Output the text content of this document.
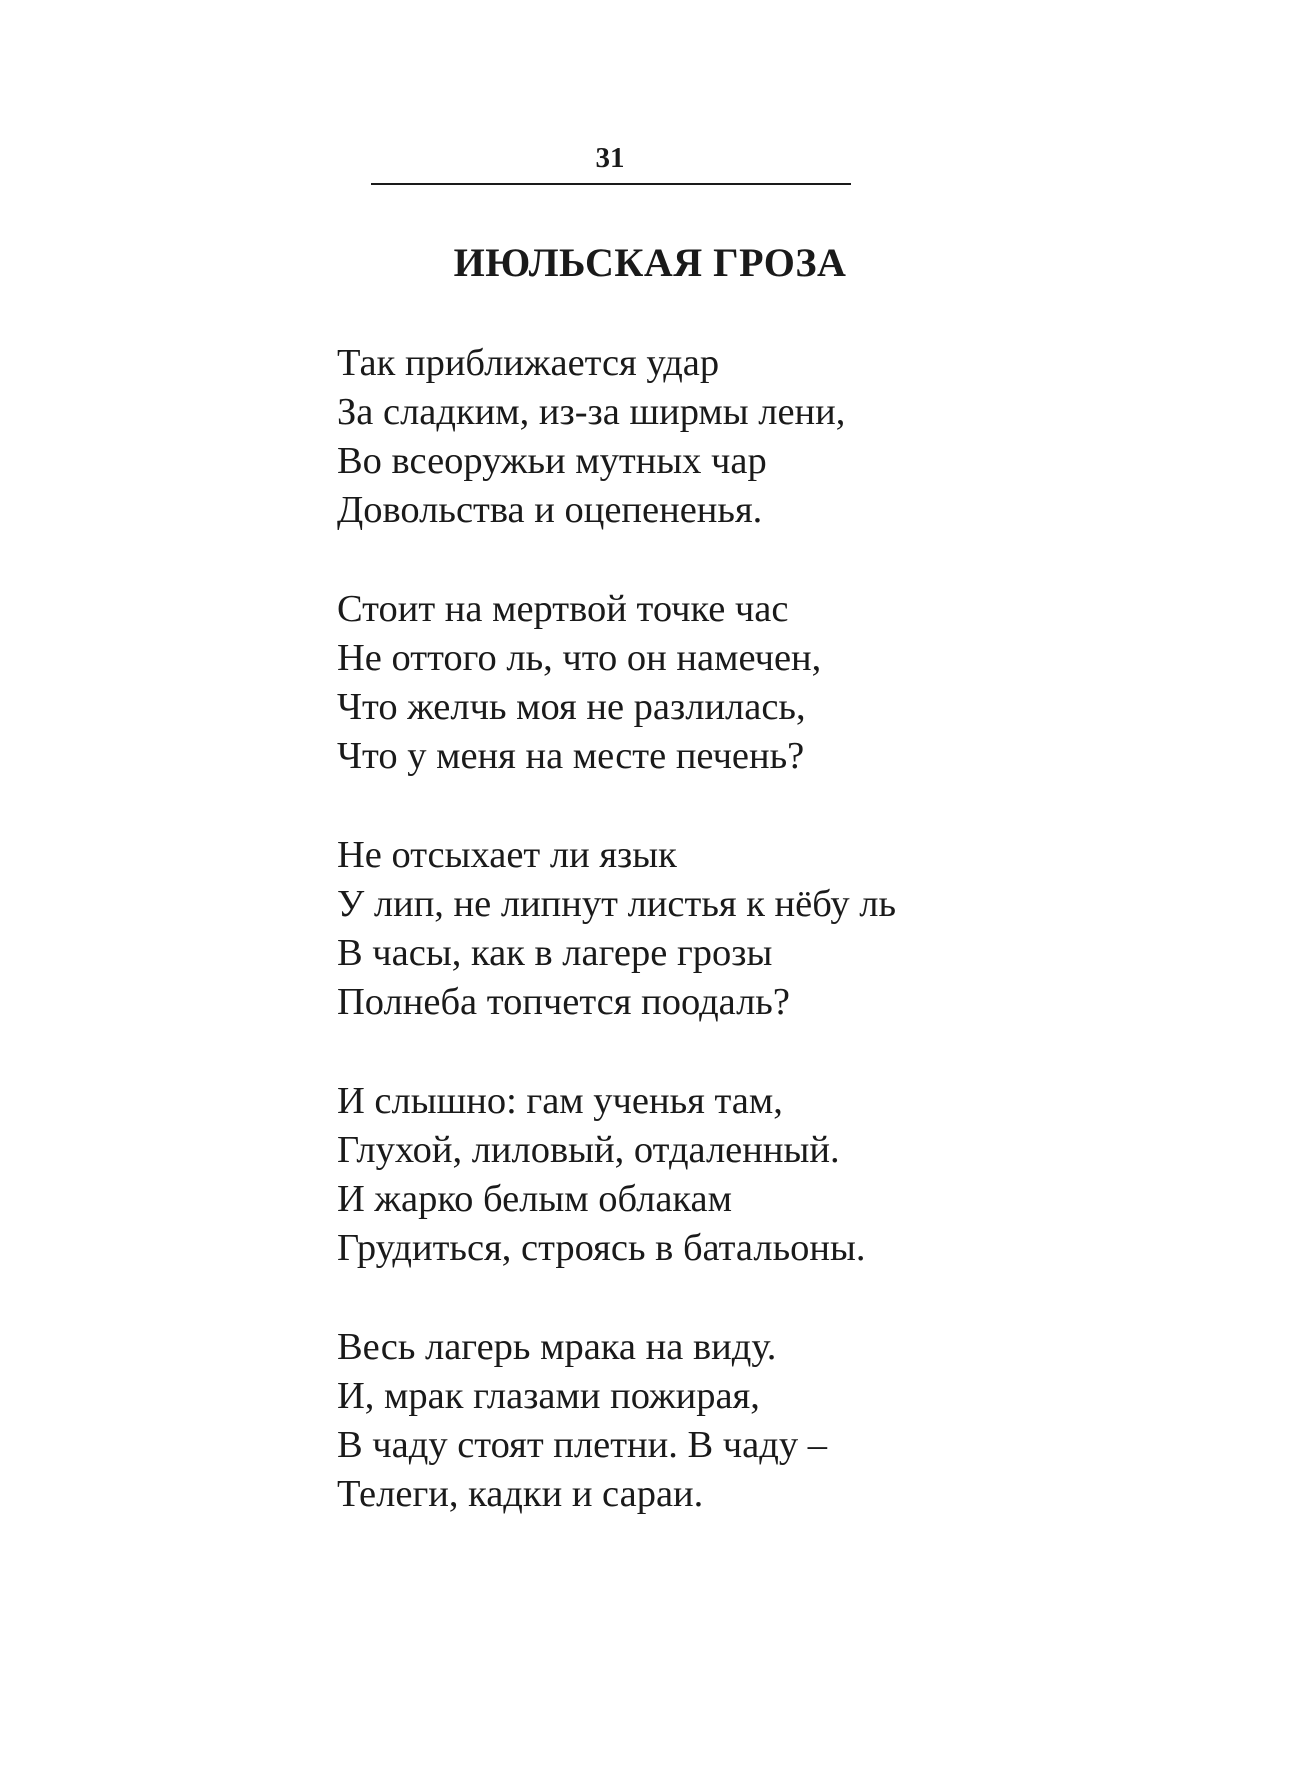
31
ИЮЛЬСКАЯ ГРОЗА
Так приближается удар
За сладким, из-за ширмы лени,
Во всеоружьи мутных чар
Довольства и оцепененья.
Стоит на мертвой точке час
Не оттого ль, что он намечен,
Что желчь моя не разлилась,
Что у меня на месте печень?
Не отсыхает ли язык
У лип, не липнут листья к нёбу ль
В часы, как в лагере грозы
Полнеба топчется поодаль?
И слышно: гам ученья там,
Глухой, лиловый, отдаленный.
И жарко белым облакам
Грудиться, строясь в батальоны.
Весь лагерь мрака на виду.
И, мрак глазами пожирая,
В чаду стоят плетни. В чаду –
Телеги, кадки и сараи.
